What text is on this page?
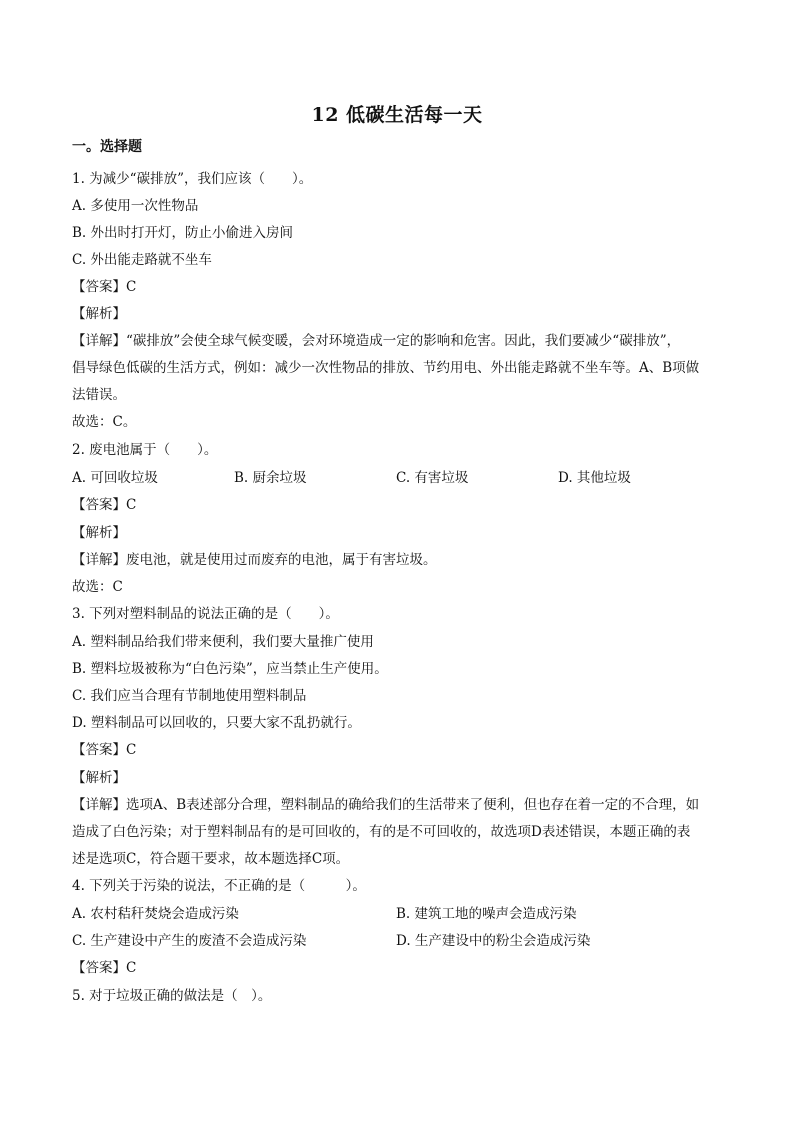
12 低碳生活每一天
一。选择题
1. 为减少“碳排放”，我们应该（　　）。
A. 多使用一次性物品
B. 外出时打开灯，防止小偷进入房间
C. 外出能走路就不坐车
【答案】C
【解析】
【详解】“碳排放”会使全球气候变暖，会对环境造成一定的影响和危害。因此，我们要减少“碳排放”，
倡导绿色低碳的生活方式，例如：减少一次性物品的排放、节约用电、外出能走路就不坐车等。A、B项做
法错误。
故选：C。
2. 废电池属于（　　）。
A. 可回收垃圾	B. 厨余垃圾	C. 有害垃圾	D. 其他垃圾
【答案】C
【解析】
【详解】废电池，就是使用过而废弃的电池，属于有害垃圾。
故选：C
3. 下列对塑料制品的说法正确的是（　　）。
A. 塑料制品给我们带来便利，我们要大量推广使用
B. 塑料垃圾被称为“白色污染”，应当禁止生产使用。
C. 我们应当合理有节制地使用塑料制品
D. 塑料制品可以回收的，只要大家不乱扔就行。
【答案】C
【解析】
【详解】选项A、B表述部分合理，塑料制品的确给我们的生活带来了便利，但也存在着一定的不合理，如
造成了白色污染；对于塑料制品有的是可回收的，有的是不可回收的，故选项D表述错误，本题正确的表
述是选项C，符合题干要求，故本题选择C项。
4. 下列关于污染的说法，不正确的是（　　　）。
A. 农村秸秆焚烧会造成污染	B. 建筑工地的噪声会造成污染
C. 生产建设中产生的废渣不会造成污染	D. 生产建设中的粉尘会造成污染
【答案】C
5. 对于垃圾正确的做法是（　）。
